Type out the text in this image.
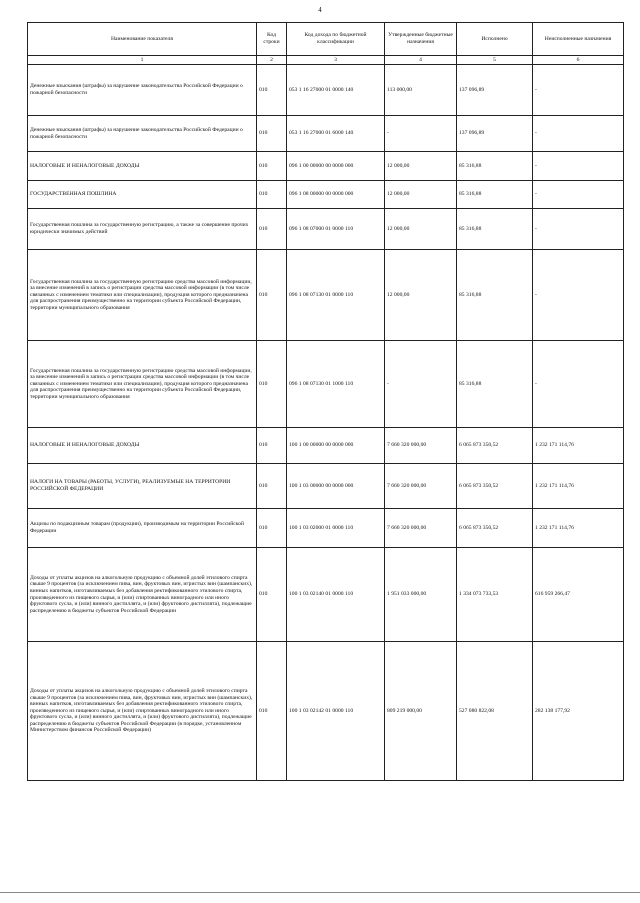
4
Наименование показателя	Код строки	Код дохода по бюджетной классификации	Утвержденные бюджетные назначения	Исполнено	Неисполненные назначения
1	2	3	4	5	6
Денежные взыскания (штрафы) за нарушение законодательства Российской Федерации о пожарной безопасности	010	053 1 16 27000 01 0000 140	113 000,00	137 096,89	-
Денежные взыскания (штрафы) за нарушение законодательства Российской Федерации о пожарной безопасности	010	053 1 16 27000 01 6000 140	-	137 096,89	-
НАЛОГОВЫЕ И НЕНАЛОГОВЫЕ ДОХОДЫ	010	096 1 00 00000 00 0000 000	12 000,00	85 316,88	-
ГОСУДАРСТВЕННАЯ ПОШЛИНА	010	096 1 08 00000 00 0000 000	12 000,00	85 316,88	-
Государственная пошлина за государственную регистрацию, а также за совершение прочих юридически значимых действий	010	096 1 08 07000 01 0000 110	12 000,00	85 316,88	-
Государственная пошлина за государственную регистрацию средства массовой информации, за внесение изменений в запись о регистрации средства массовой информации (в том числе связанных с изменением тематики или специализации), продукция которого предназначена для распространения преимущественно на территории субъекта Российской Федерации, территории муниципального образования	010	096 1 08 07130 01 0000 110	12 000,00	85 316,88	-
Государственная пошлина за государственную регистрацию средства массовой информации, за внесение изменений в запись о регистрации средства массовой информации (в том числе связанных с изменением тематики или специализации), продукция которого предназначена для распространения преимущественно на территории субъекта Российской Федерации, территории муниципального образования	010	096 1 08 07130 01 1000 110	-	85 316,88	-
НАЛОГОВЫЕ И НЕНАЛОГОВЫЕ ДОХОДЫ	010	100 1 00 00000 00 0000 000	7 660 320 000,00	6 065 873 350,52	1 232 171 114,76
НАЛОГИ НА ТОВАРЫ (РАБОТЫ, УСЛУГИ), РЕАЛИЗУЕМЫЕ НА ТЕРРИТОРИИ РОССИЙСКОЙ ФЕДЕРАЦИИ	010	100 1 03 00000 00 0000 000	7 660 320 000,00	6 065 873 350,52	1 232 171 114,76
Акцизы по подакцизным товарам (продукции), производимым на территории Российской Федерации	010	100 1 03 02000 01 0000 110	7 660 320 000,00	6 065 873 350,52	1 232 171 114,76
Доходы от уплаты акцизов на алкогольную продукцию с объемной долей этилового спирта свыше 9 процентов (за исключением пива, вин, фруктовых вин, игристых вин (шампанских), винных напитков, изготавливаемых без добавления ректификованного этилового спирта, произведенного из пищевого сырья, и (или) спиртованных виноградного или иного фруктового сусла, и (или) винного дистиллята, и (или) фруктового дистиллята), подлежащие распределению в бюджеты субъектов Российской Федерации	010	100 1 03 02140 01 0000 110	1 951 033 000,00	1 334 073 733,53	616 959 266,47
Доходы от уплаты акцизов на алкогольную продукцию с объемной долей этилового спирта свыше 9 процентов (за исключением пива, вин, фруктовых вин, игристых вин (шампанских), винных напитков, изготавливаемых без добавления ректификованного этилового спирта, произведенного из пищевого сырья, и (или) спиртованных виноградного или иного фруктового сусла, и (или) винного дистиллята, и (или) фруктового дистиллята), подлежащие распределению в бюджеты субъектов Российской Федерации (в порядке, установленном Министерством финансов Российской Федерации)	010	100 1 03 02142 01 0000 110	809 219 000,00	527 080 822,08	282 138 177,92
